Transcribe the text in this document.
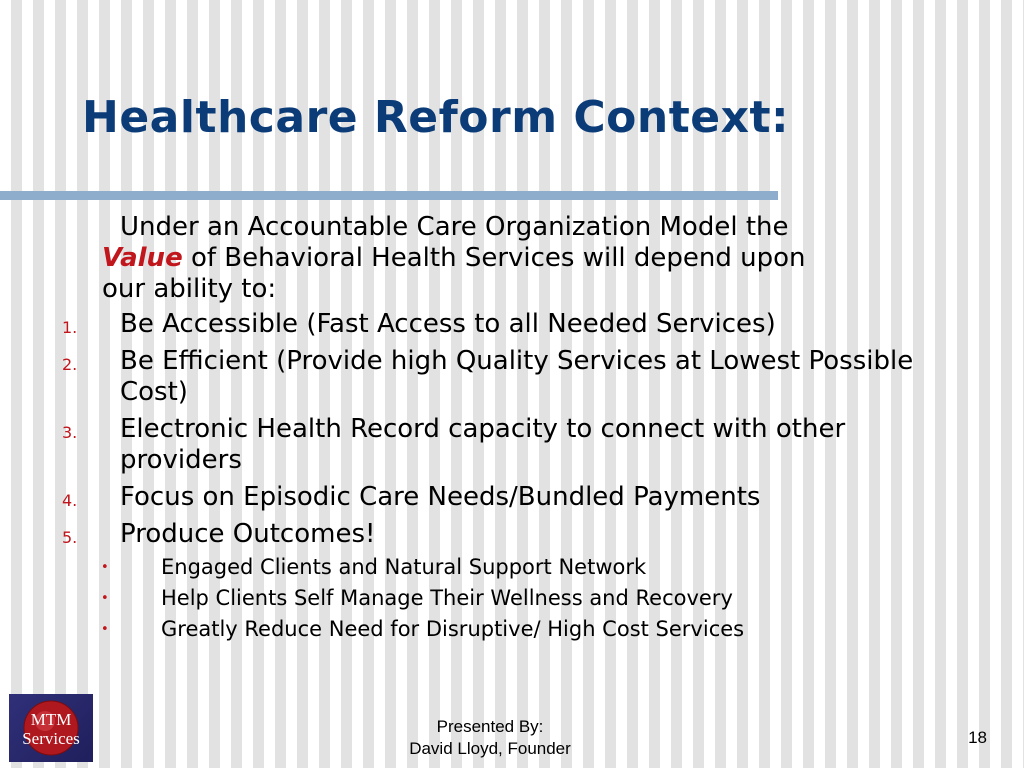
Healthcare Reform Context:

Under an Accountable Care Organization Model the
Value of Behavioral Health Services will depend upon
our ability to:

1. Be Accessible (Fast Access to all Needed Services)
2. Be Efficient (Provide high Quality Services at Lowest Possible Cost)
3. Electronic Health Record capacity to connect with other providers
4. Focus on Episodic Care Needs/Bundled Payments
5. Produce Outcomes!
• Engaged Clients and Natural Support Network
• Help Clients Self Manage Their Wellness and Recovery
• Greatly Reduce Need for Disruptive/ High Cost Services
MTM
Services
Presented By:
David Lloyd, Founder
18
